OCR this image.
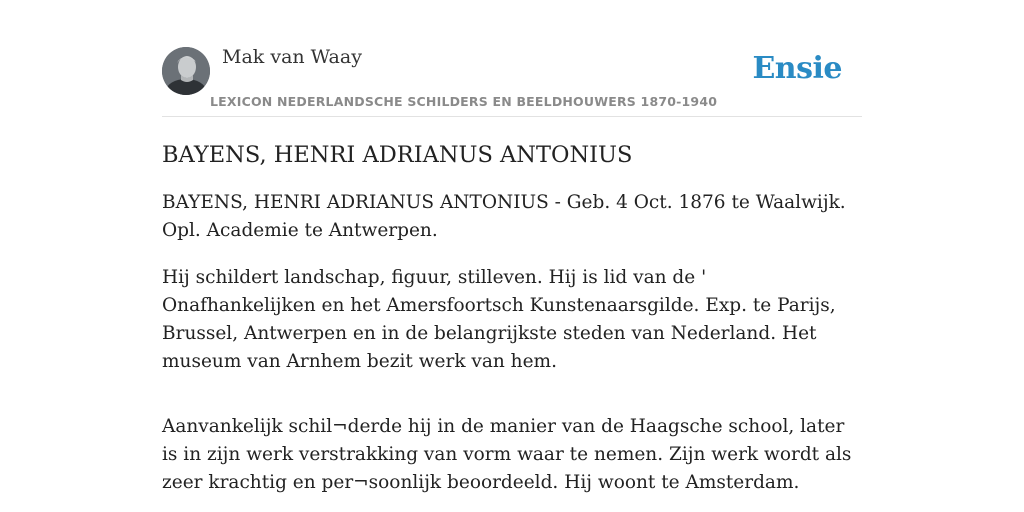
Mak van Waay
LEXICON NEDERLANDSCHE SCHILDERS EN BEELDHOUWERS 1870-1940
Ensie
BAYENS, HENRI ADRIANUS ANTONIUS

BAYENS, HENRI ADRIANUS ANTONIUS - Geb. 4 Oct. 1876 te Waalwijk. Opl. Academie te Antwerpen.

Hij schildert landschap, figuur, stilleven. Hij is lid van de ' Onafhankelijken en het Amersfoortsch Kunstenaarsgilde. Exp. te Parijs, Brussel, Antwerpen en in de belangrijkste steden van Nederland. Het museum van Arnhem bezit werk van hem.

Aanvankelijk schil¬derde hij in de manier van de Haagsche school, later is in zijn werk verstrakking van vorm waar te nemen. Zijn werk wordt als zeer krachtig en per¬soonlijk beoordeeld. Hij woont te Amsterdam.
